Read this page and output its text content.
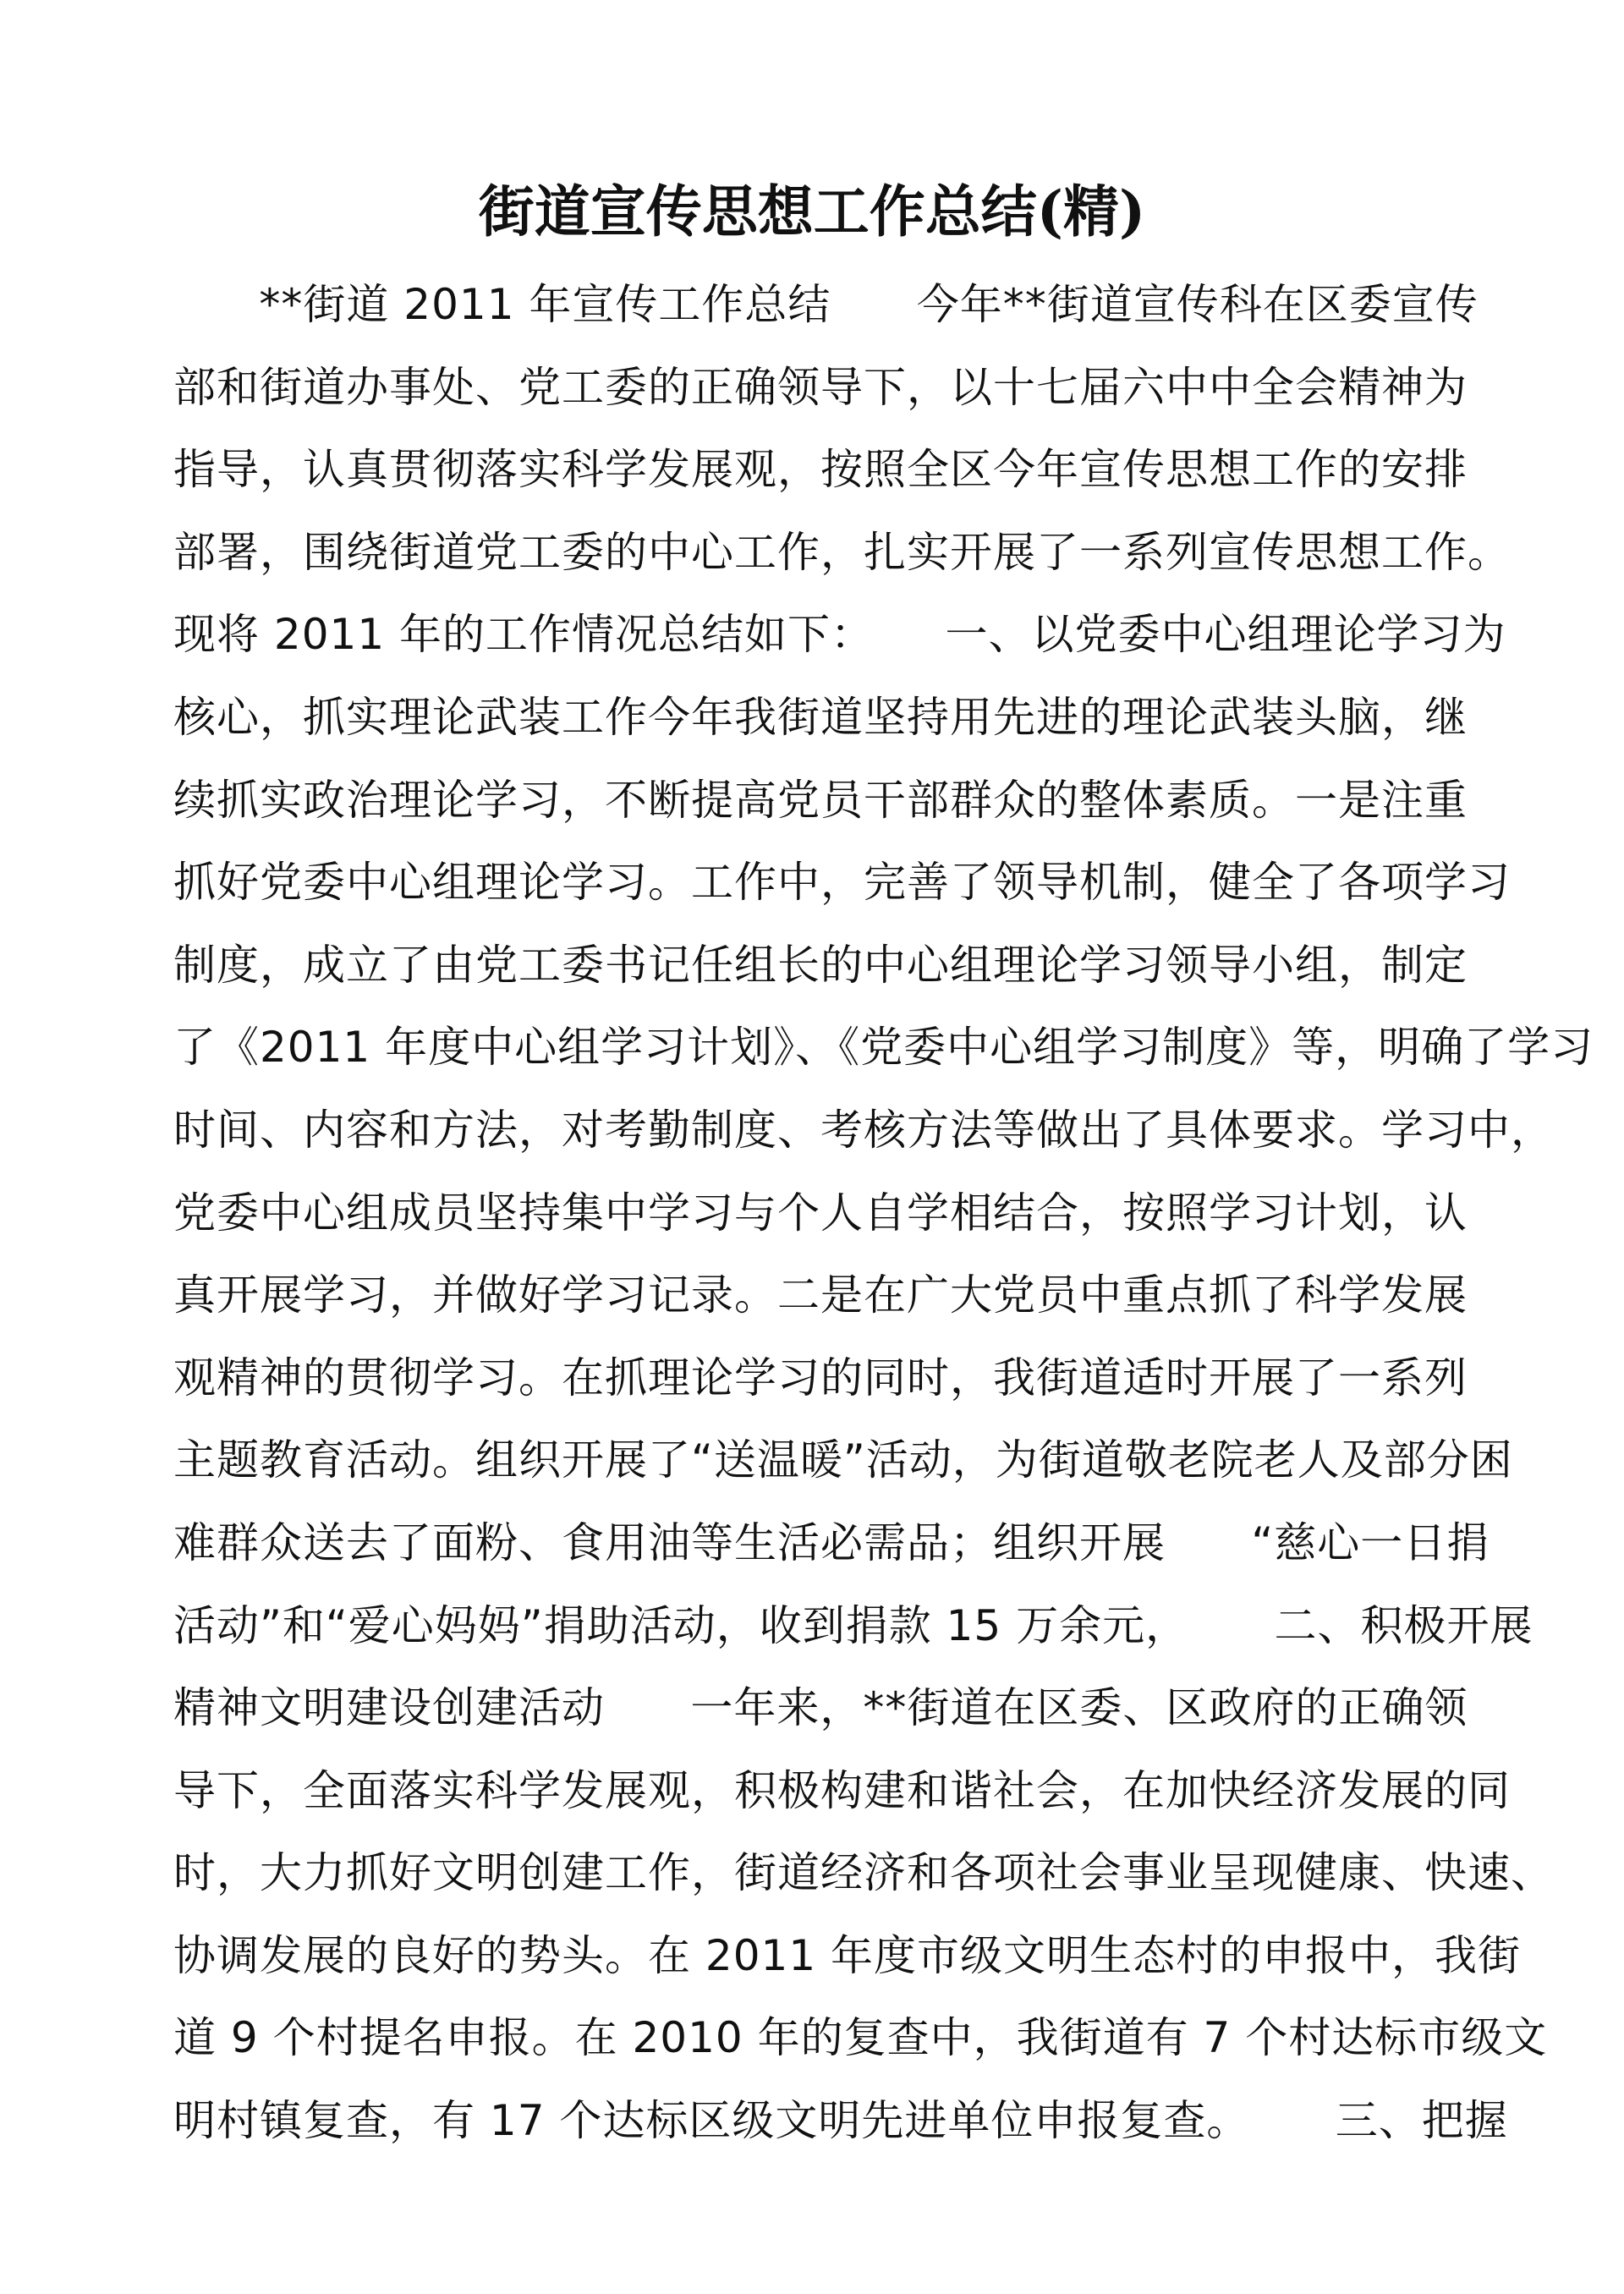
街道宣传思想工作总结(精)
**街道 2011 年宣传工作总结      今年**街道宣传科在区委宣传
部和街道办事处、党工委的正确领导下，以十七届六中中全会精神为
指导，认真贯彻落实科学发展观，按照全区今年宣传思想工作的安排
部署，围绕街道党工委的中心工作，扎实开展了一系列宣传思想工作。
现将 2011 年的工作情况总结如下：     一、以党委中心组理论学习为
核心，抓实理论武装工作今年我街道坚持用先进的理论武装头脑，继
续抓实政治理论学习，不断提高党员干部群众的整体素质。一是注重
抓好党委中心组理论学习。工作中，完善了领导机制，健全了各项学习
制度，成立了由党工委书记任组长的中心组理论学习领导小组，制定
了《2011 年度中心组学习计划》、《党委中心组学习制度》等，明确了学习
时间、内容和方法，对考勤制度、考核方法等做出了具体要求。学习中，
党委中心组成员坚持集中学习与个人自学相结合，按照学习计划，认
真开展学习，并做好学习记录。二是在广大党员中重点抓了科学发展
观精神的贯彻学习。在抓理论学习的同时，我街道适时开展了一系列
主题教育活动。组织开展了“送温暖”活动，为街道敬老院老人及部分困
难群众送去了面粉、食用油等生活必需品；组织开展      “慈心一日捐
活动”和“爱心妈妈”捐助活动，收到捐款 15 万余元，      二、积极开展
精神文明建设创建活动      一年来，**街道在区委、区政府的正确领
导下，全面落实科学发展观，积极构建和谐社会，在加快经济发展的同
时，大力抓好文明创建工作，街道经济和各项社会事业呈现健康、快速、
协调发展的良好的势头。在 2011 年度市级文明生态村的申报中，我街
道 9 个村提名申报。在 2010 年的复查中，我街道有 7 个村达标市级文
明村镇复查，有 17 个达标区级文明先进单位申报复查。      三、把握
